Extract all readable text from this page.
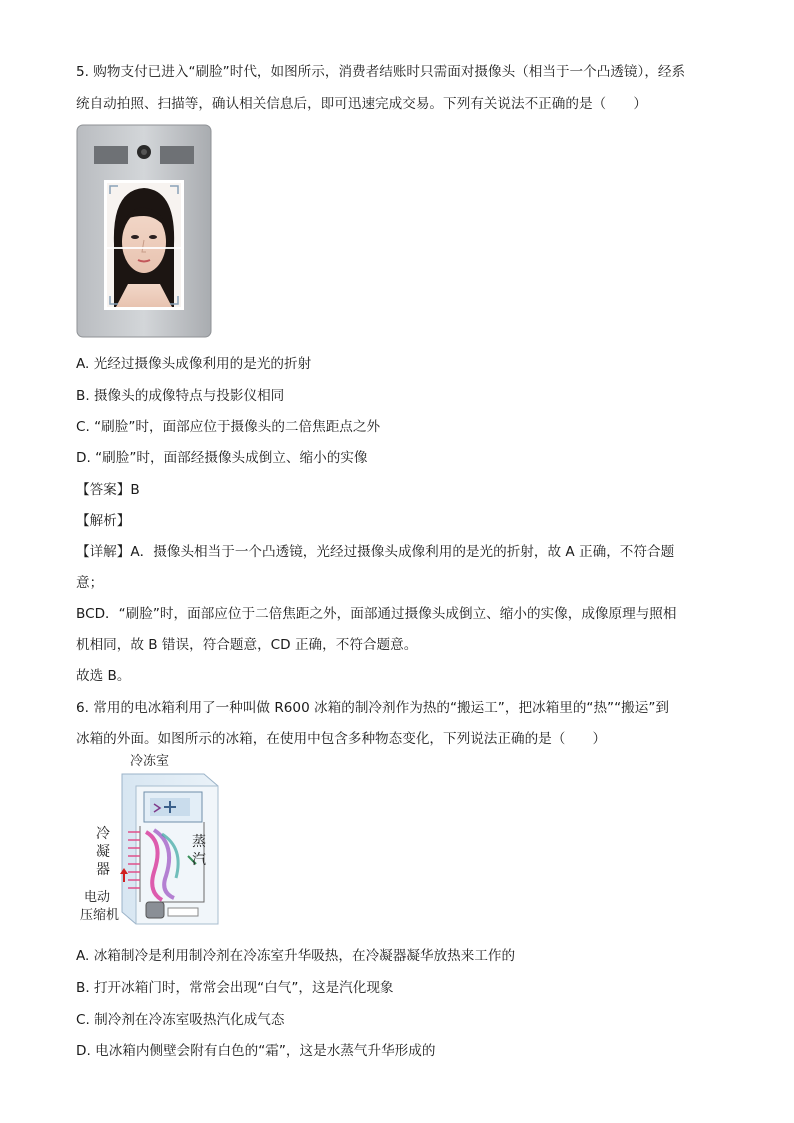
5. 购物支付已进入“刷脸”时代，如图所示，消费者结账时只需面对摄像头（相当于一个凸透镜），经系
统自动拍照、扫描等，确认相关信息后，即可迅速完成交易。下列有关说法不正确的是（　　）
A. 光经过摄像头成像利用的是光的折射
B. 摄像头的成像特点与投影仪相同
C. “刷脸”时，面部应位于摄像头的二倍焦距点之外
D. “刷脸”时，面部经摄像头成倒立、缩小的实像
【答案】B
【解析】
【详解】A．摄像头相当于一个凸透镜，光经过摄像头成像利用的是光的折射，故 A 正确，不符合题
意；
BCD．“刷脸”时，面部应位于二倍焦距之外，面部通过摄像头成倒立、缩小的实像，成像原理与照相
机相同，故 B 错误，符合题意，CD 正确，不符合题意。
故选 B。
6. 常用的电冰箱利用了一种叫做 R600 冰箱的制冷剂作为热的“搬运工”，把冰箱里的“热”“搬运”到
冰箱的外面。如图所示的冰箱，在使用中包含多种物态变化，下列说法正确的是（　　）
冷冻室
冷
凝
器
蒸
汽
电动
压缩机
A. 冰箱制冷是利用制冷剂在冷冻室升华吸热，在冷凝器凝华放热来工作的
B. 打开冰箱门时，常常会出现“白气”，这是汽化现象
C. 制冷剂在冷冻室吸热汽化成气态
D. 电冰箱内侧壁会附有白色的“霜”，这是水蒸气升华形成的
